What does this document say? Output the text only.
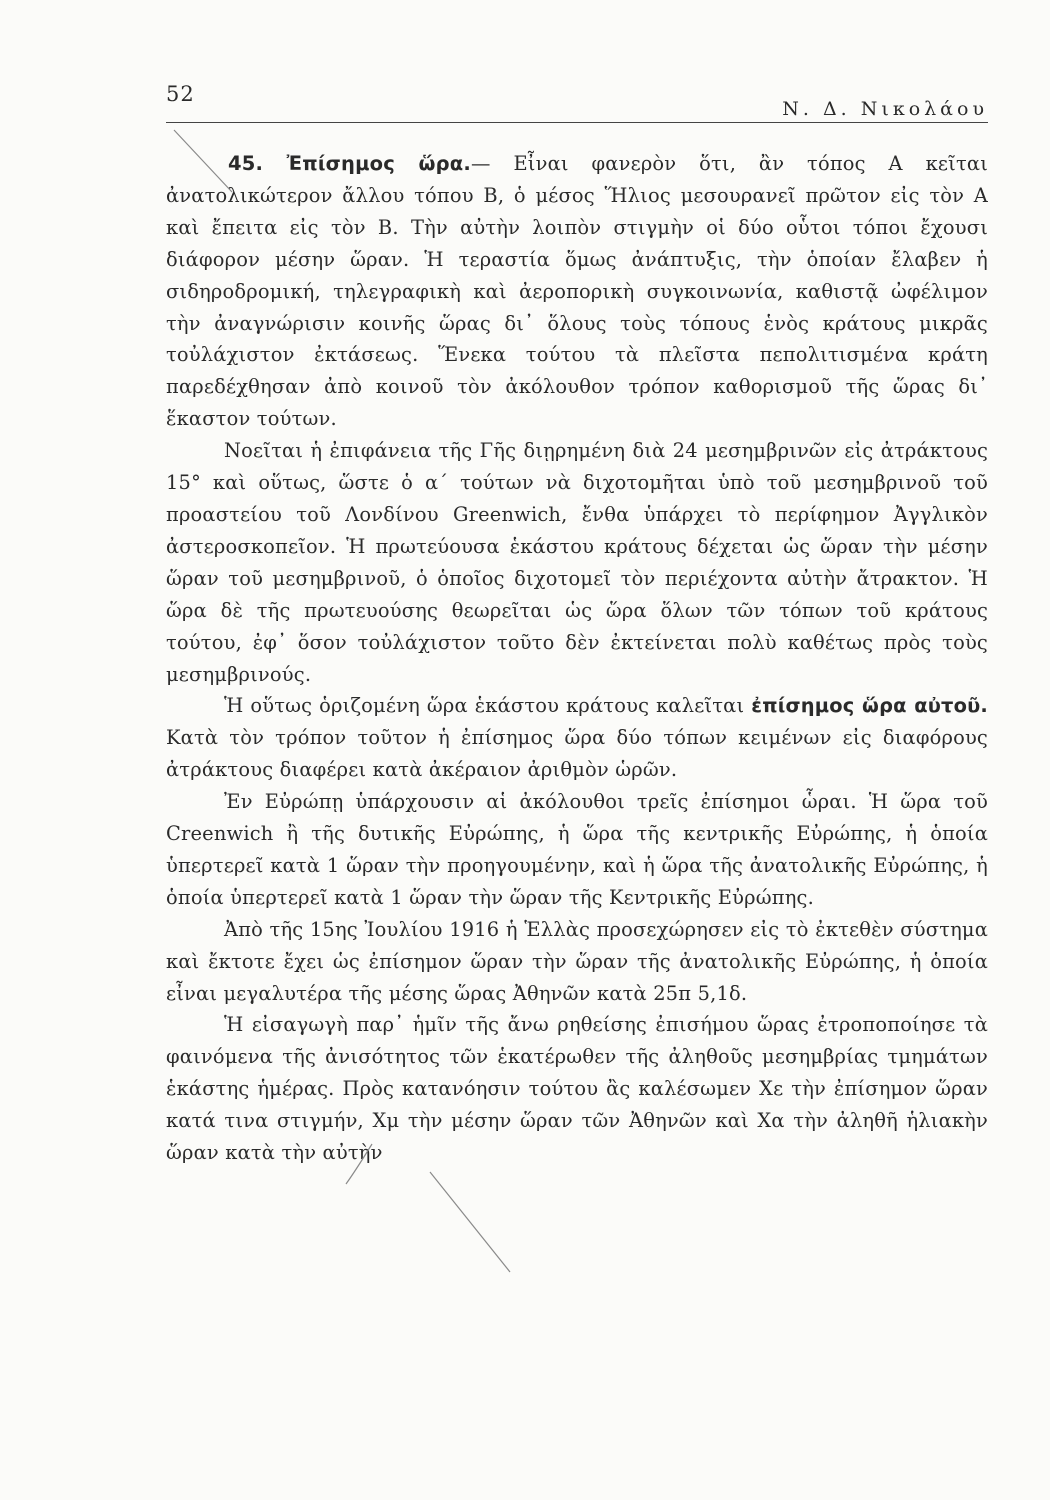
52
Ν. Δ. Νικολάου

45. Ἐπίσημος ὥρα.— Εἶναι φανερὸν ὅτι, ἂν τόπος Α κεῖται ἀνατολικώτερον ἄλλου τόπου Β, ὁ μέσος Ἥλιος μεσουρανεῖ πρῶτον εἰς τὸν Α καὶ ἔπειτα εἰς τὸν Β. Τὴν αὐτὴν λοιπὸν στιγμὴν οἱ δύο οὗτοι τόποι ἔχουσι διάφορον μέσην ὥραν. Ἡ τεραστία ὅμως ἀνάπτυξις, τὴν ὁποίαν ἔλαβεν ἡ σιδηροδρομική, τηλεγραφικὴ καὶ ἀεροπορικὴ συγκοινωνία, καθιστᾷ ὠφέλιμον τὴν ἀναγνώρισιν κοινῆς ὥρας δι᾿ ὅλους τοὺς τόπους ἑνὸς κράτους μικρᾶς τοὐλάχιστον ἐκτάσεως. Ἕνεκα τούτου τὰ πλεῖστα πεπολιτισμένα κράτη παρεδέχθησαν ἀπὸ κοινοῦ τὸν ἀκόλουθον τρόπον καθορισμοῦ τῆς ὥρας δι᾿ ἕκαστον τούτων.

Νοεῖται ἡ ἐπιφάνεια τῆς Γῆς διῃρημένη διὰ 24 μεσημβρινῶν εἰς ἀτράκτους 15° καὶ οὕτως, ὥστε ὁ α΄ τούτων νὰ διχοτομῆται ὑπὸ τοῦ μεσημβρινοῦ τοῦ προαστείου τοῦ Λονδίνου Greenwich, ἔνθα ὑπάρχει τὸ περίφημον Ἀγγλικὸν ἀστεροσκοπεῖον. Ἡ πρωτεύουσα ἑκάστου κράτους δέχεται ὡς ὥραν τὴν μέσην ὥραν τοῦ μεσημβρινοῦ, ὁ ὁποῖος διχοτομεῖ τὸν περιέχοντα αὐτὴν ἄτρακτον. Ἡ ὥρα δὲ τῆς πρωτευούσης θεωρεῖται ὡς ὥρα ὅλων τῶν τόπων τοῦ κράτους τούτου, ἐφ᾿ ὅσον τοὐλάχιστον τοῦτο δὲν ἐκτείνεται πολὺ καθέτως πρὸς τοὺς μεσημβρινούς.

Ἡ οὕτως ὁριζομένη ὥρα ἑκάστου κράτους καλεῖται ἐπίσημος ὥρα αὐτοῦ. Κατὰ τὸν τρόπον τοῦτον ἡ ἐπίσημος ὥρα δύο τόπων κειμένων εἰς διαφόρους ἀτράκτους διαφέρει κατὰ ἀκέραιον ἀριθμὸν ὡρῶν.

Ἐν Εὐρώπῃ ὑπάρχουσιν αἱ ἀκόλουθοι τρεῖς ἐπίσημοι ὧραι. Ἡ ὥρα τοῦ Creenwich ἢ τῆς δυτικῆς Εὐρώπης, ἡ ὥρα τῆς κεντρικῆς Εὐρώπης, ἡ ὁποία ὑπερτερεῖ κατὰ 1 ὥραν τὴν προηγουμένην, καὶ ἡ ὥρα τῆς ἀνατολικῆς Εὐρώπης, ἡ ὁποία ὑπερτερεῖ κατὰ 1 ὥραν τὴν ὥραν τῆς Κεντρικῆς Εὐρώπης.

Ἀπὸ τῆς 15ης Ἰουλίου 1916 ἡ Ἑλλὰς προσεχώρησεν εἰς τὸ ἐκτεθὲν σύστημα καὶ ἔκτοτε ἔχει ὡς ἐπίσημον ὥραν τὴν ὥραν τῆς ἀνατολικῆς Εὐρώπης, ἡ ὁποία εἶναι μεγαλυτέρα τῆς μέσης ὥρας Ἀθηνῶν κατὰ 25π 5,1δ.

Ἡ εἰσαγωγὴ παρ᾿ ἡμῖν τῆς ἄνω ρηθείσης ἐπισήμου ὥρας ἐτροποποίησε τὰ φαινόμενα τῆς ἀνισότητος τῶν ἑκατέρωθεν τῆς ἀληθοῦς μεσημβρίας τμημάτων ἑκάστης ἡμέρας. Πρὸς κατανόησιν τούτου ἂς καλέσωμεν Χε τὴν ἐπίσημον ὥραν κατά τινα στιγμήν, Χμ τὴν μέσην ὥραν τῶν Ἀθηνῶν καὶ Χα τὴν ἀληθῆ ἡλιακὴν ὥραν κατὰ τὴν αὐτὴν
